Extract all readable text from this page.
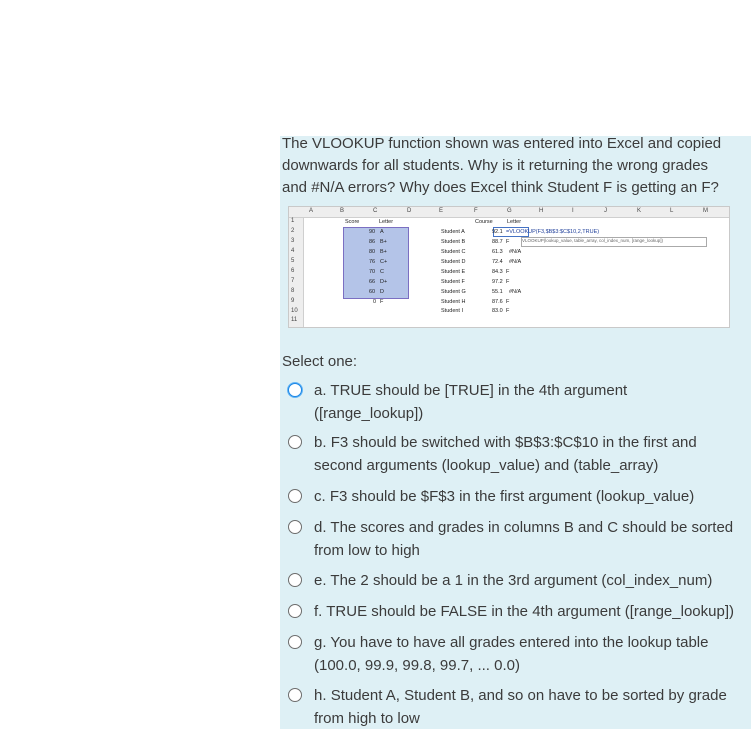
The VLOOKUP function shown was entered into Excel and copied downwards for all students. Why is it returning the wrong grades and #N/A errors? Why does Excel think Student F is getting an F?
A	B	C	D	E	F	G	H	I	J	K	L	M
1
2
3
4
5
6
7
8
9
10
11
Score	Letter
90 A
86 B+
80 B+
76 C+
70 C
66 D+
60 D
0 F
Course	Letter
Student A	92.1 =VLOOKUP(F3,$B$3:$C$10,2,TRUE)
VLOOKUP(lookup_value, table_array, col_index_num, [range_lookup])
Student B	88.7 F
Student C	61.3 #N/A
Student D	72.4 #N/A
Student E	84.3 F
Student F	97.2 F
Student G	55.1 #N/A
Student H	87.6 F
Student I	83.0 F
Select one:
a. TRUE should be [TRUE] in the 4th argument ([range_lookup])
b. F3 should be switched with $B$3:$C$10 in the first and second arguments (lookup_value) and (table_array)
c. F3 should be $F$3 in the first argument (lookup_value)
d. The scores and grades in columns B and C should be sorted from low to high
e. The 2 should be a 1 in the 3rd argument (col_index_num)
f. TRUE should be FALSE in the 4th argument ([range_lookup])
g. You have to have all grades entered into the lookup table (100.0, 99.9, 99.8, 99.7, ... 0.0)
h. Student A, Student B, and so on have to be sorted by grade from high to low
